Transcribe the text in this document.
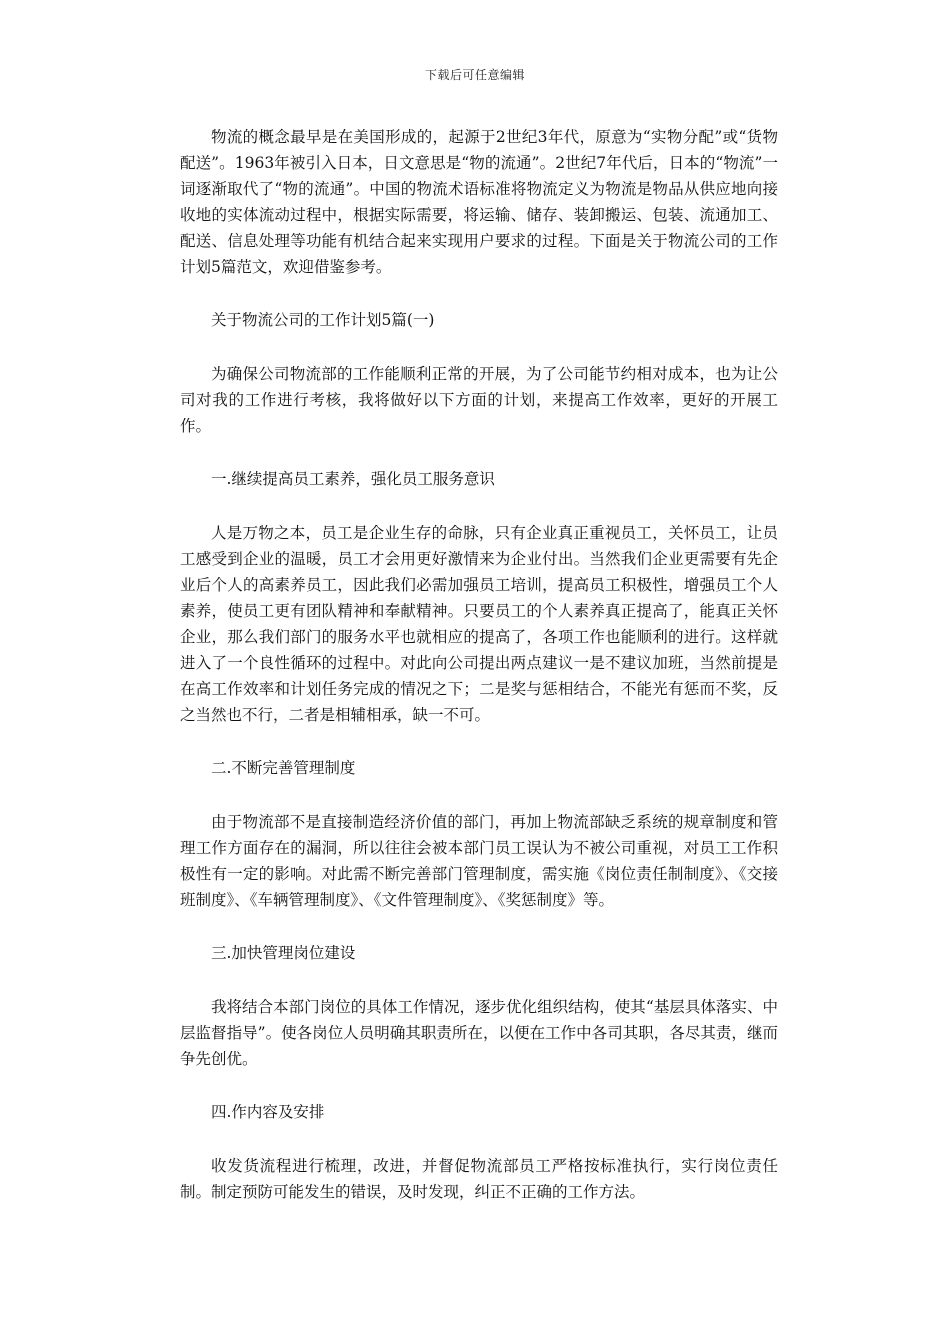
下载后可任意编辑

物流的概念最早是在美国形成的，起源于2世纪3年代，原意为“实物分配”或“货物配送”。1963年被引入日本，日文意思是“物的流通”。2世纪7年代后，日本的“物流”一词逐渐取代了“物的流通”。中国的物流术语标准将物流定义为物流是物品从供应地向接收地的实体流动过程中，根据实际需要，将运输、储存、装卸搬运、包装、流通加工、配送、信息处理等功能有机结合起来实现用户要求的过程。下面是关于物流公司的工作计划5篇范文，欢迎借鉴参考。

关于物流公司的工作计划5篇(一)

为确保公司物流部的工作能顺利正常的开展，为了公司能节约相对成本，也为让公司对我的工作进行考核，我将做好以下方面的计划，来提高工作效率，更好的开展工作。

一.继续提高员工素养，强化员工服务意识

人是万物之本，员工是企业生存的命脉，只有企业真正重视员工，关怀员工，让员工感受到企业的温暖，员工才会用更好激情来为企业付出。当然我们企业更需要有先企业后个人的高素养员工，因此我们必需加强员工培训，提高员工积极性，增强员工个人素养，使员工更有团队精神和奉献精神。只要员工的个人素养真正提高了，能真正关怀企业，那么我们部门的服务水平也就相应的提高了，各项工作也能顺利的进行。这样就进入了一个良性循环的过程中。对此向公司提出两点建议一是不建议加班，当然前提是在高工作效率和计划任务完成的情况之下；二是奖与惩相结合，不能光有惩而不奖，反之当然也不行，二者是相辅相承，缺一不可。

二.不断完善管理制度

由于物流部不是直接制造经济价值的部门，再加上物流部缺乏系统的规章制度和管理工作方面存在的漏洞，所以往往会被本部门员工误认为不被公司重视，对员工工作积极性有一定的影响。对此需不断完善部门管理制度，需实施《岗位责任制制度》、《交接班制度》、《车辆管理制度》、《文件管理制度》、《奖惩制度》等。

三.加快管理岗位建设

我将结合本部门岗位的具体工作情况，逐步优化组织结构，使其“基层具体落实、中层监督指导”。使各岗位人员明确其职责所在，以便在工作中各司其职，各尽其责，继而争先创优。

四.作内容及安排

收发货流程进行梳理，改进，并督促物流部员工严格按标准执行，实行岗位责任制。制定预防可能发生的错误，及时发现，纠正不正确的工作方法。
